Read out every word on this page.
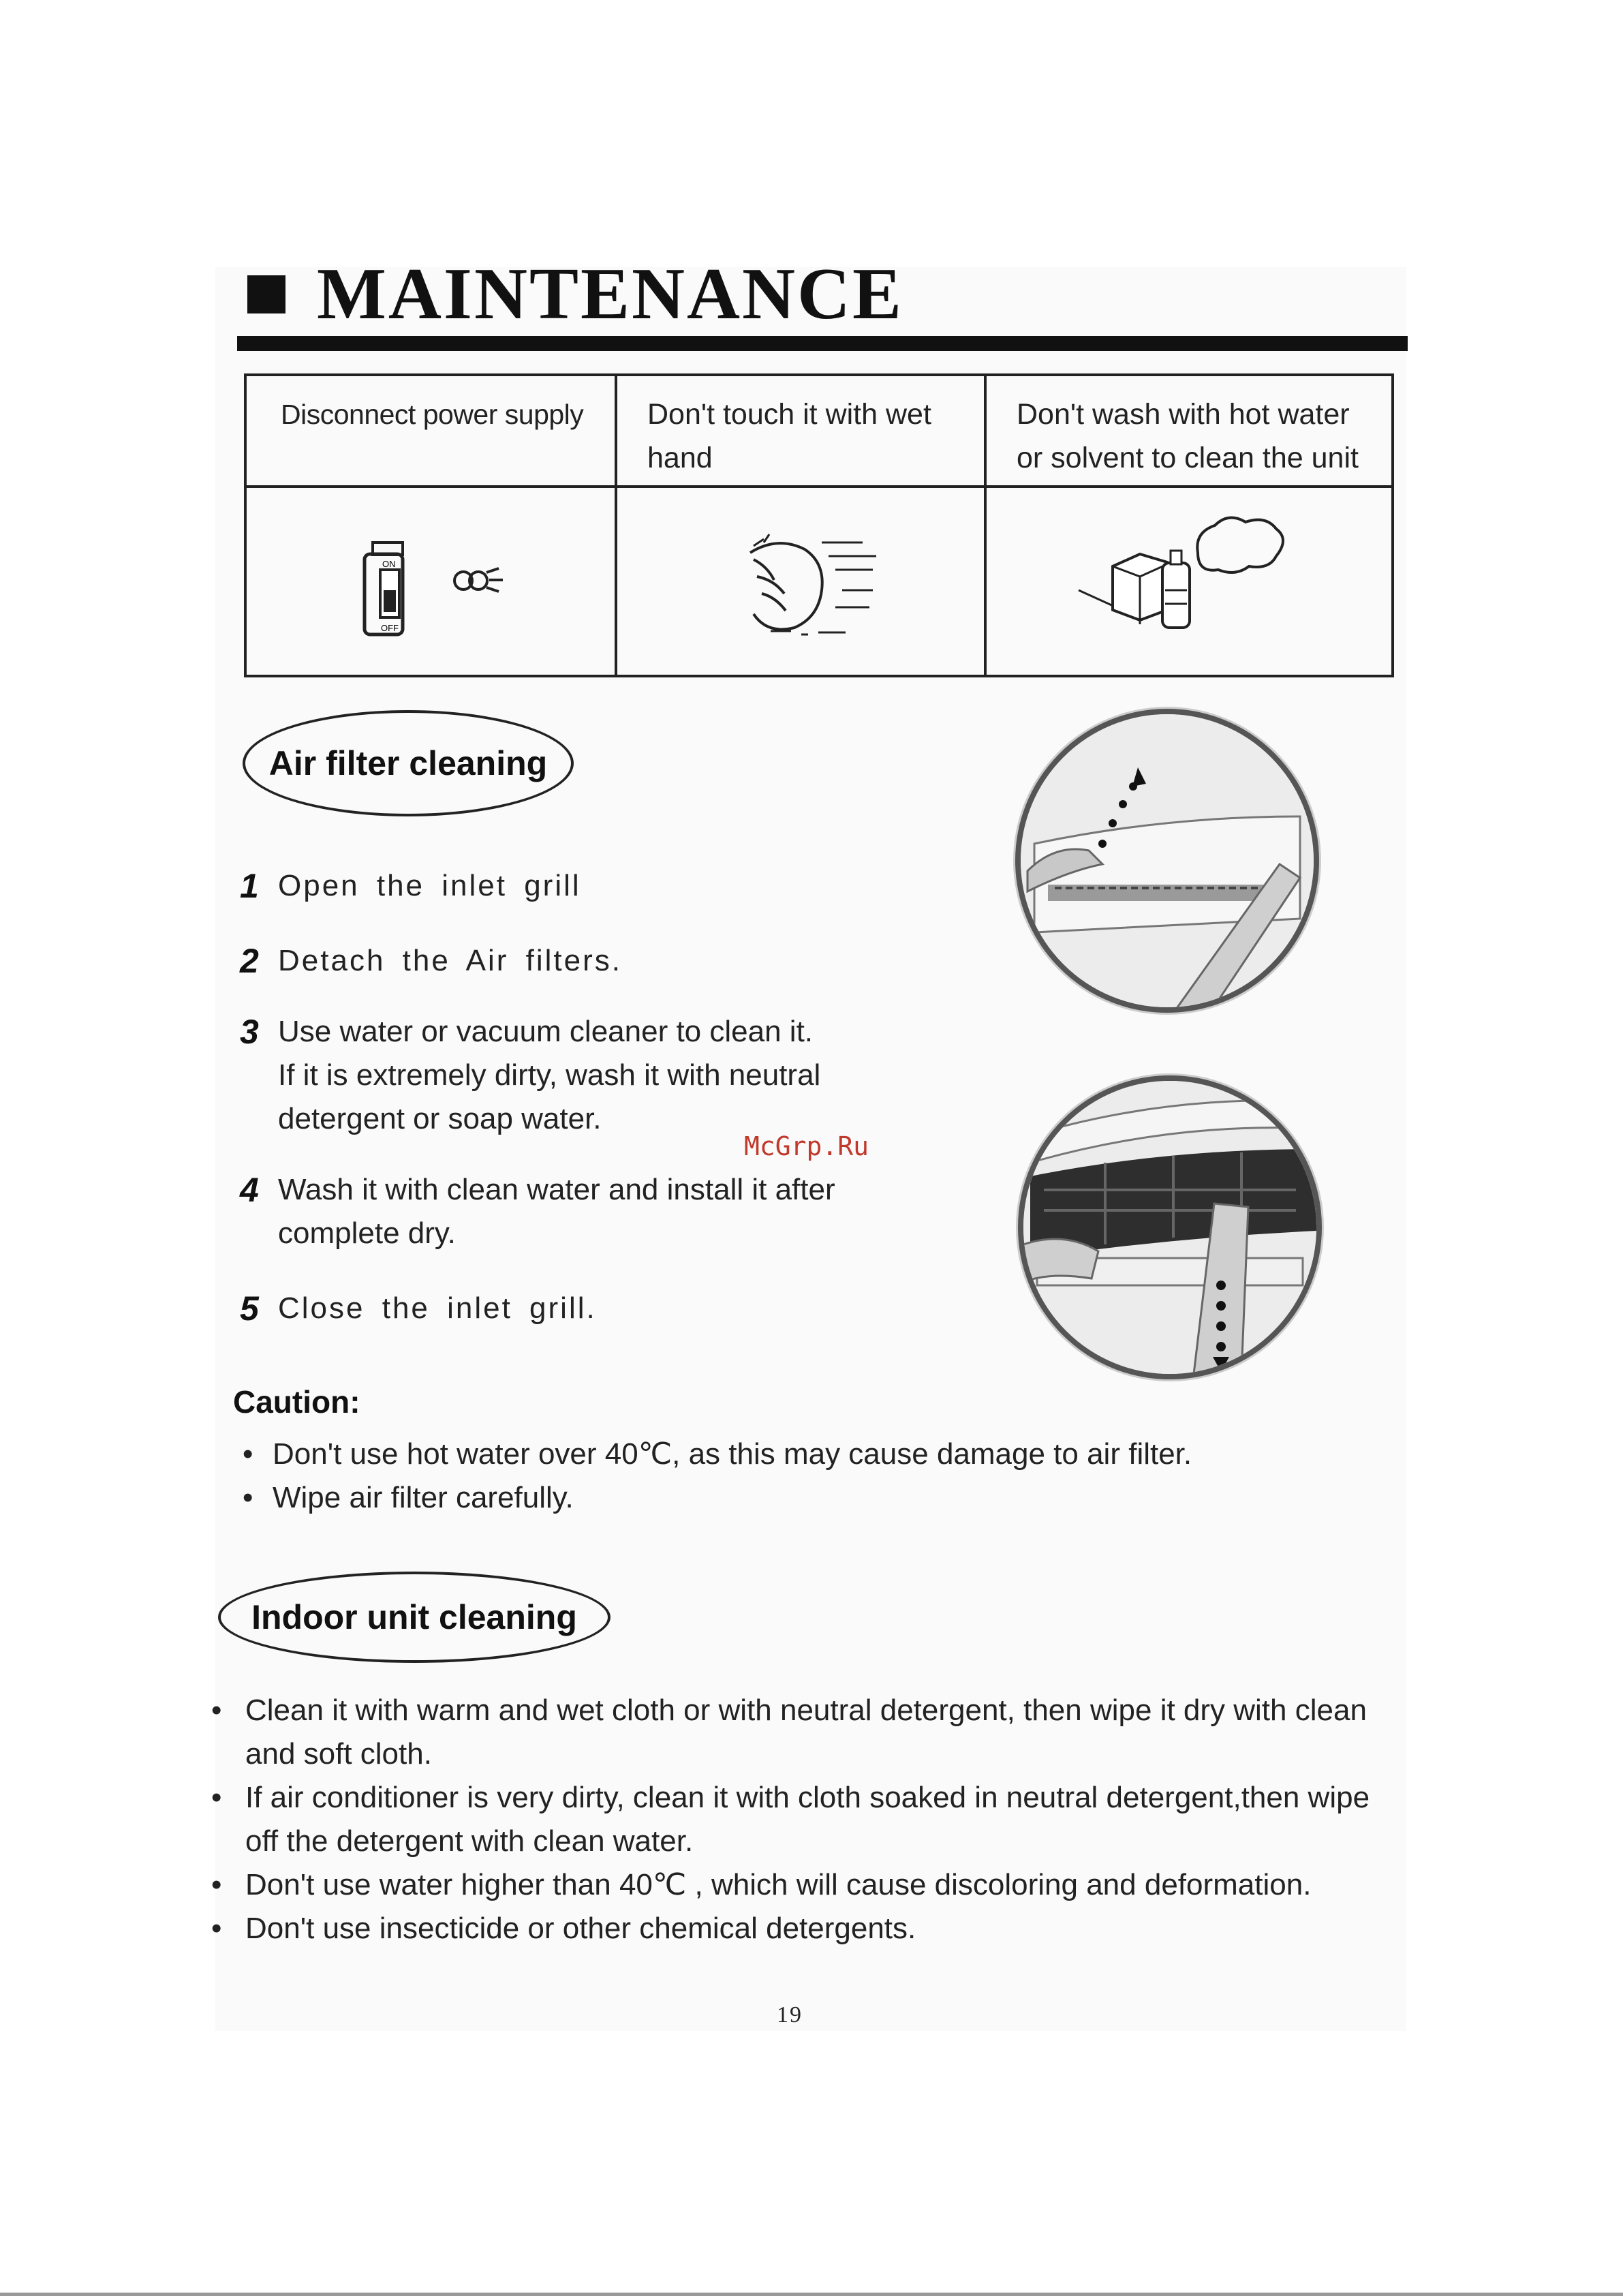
MAINTENANCE
Disconnect power supply
ON
OFF
Don't touch it with wet hand
Don't wash with hot water or solvent to clean the unit
Air filter cleaning
1 Open the inlet grill
2 Detach the Air filters.
3 Use water or vacuum cleaner to clean it.
If it is extremely dirty, wash it with neutral
detergent or soap water.
4 Wash it with clean water and install it after
complete dry.
5 Close the inlet grill.
McGrp.Ru
Caution:
• Don't use hot water over 40℃, as this may cause damage to air filter.
• Wipe air filter carefully.
Indoor unit cleaning
• Clean it with warm and wet cloth or with neutral detergent, then wipe it dry with clean and soft cloth.
• If air conditioner is very dirty, clean it with cloth soaked in neutral detergent,then wipe off the detergent with clean water.
• Don't use water higher than 40℃ , which will cause discoloring and deformation.
• Don't use insecticide or other chemical detergents.
19
